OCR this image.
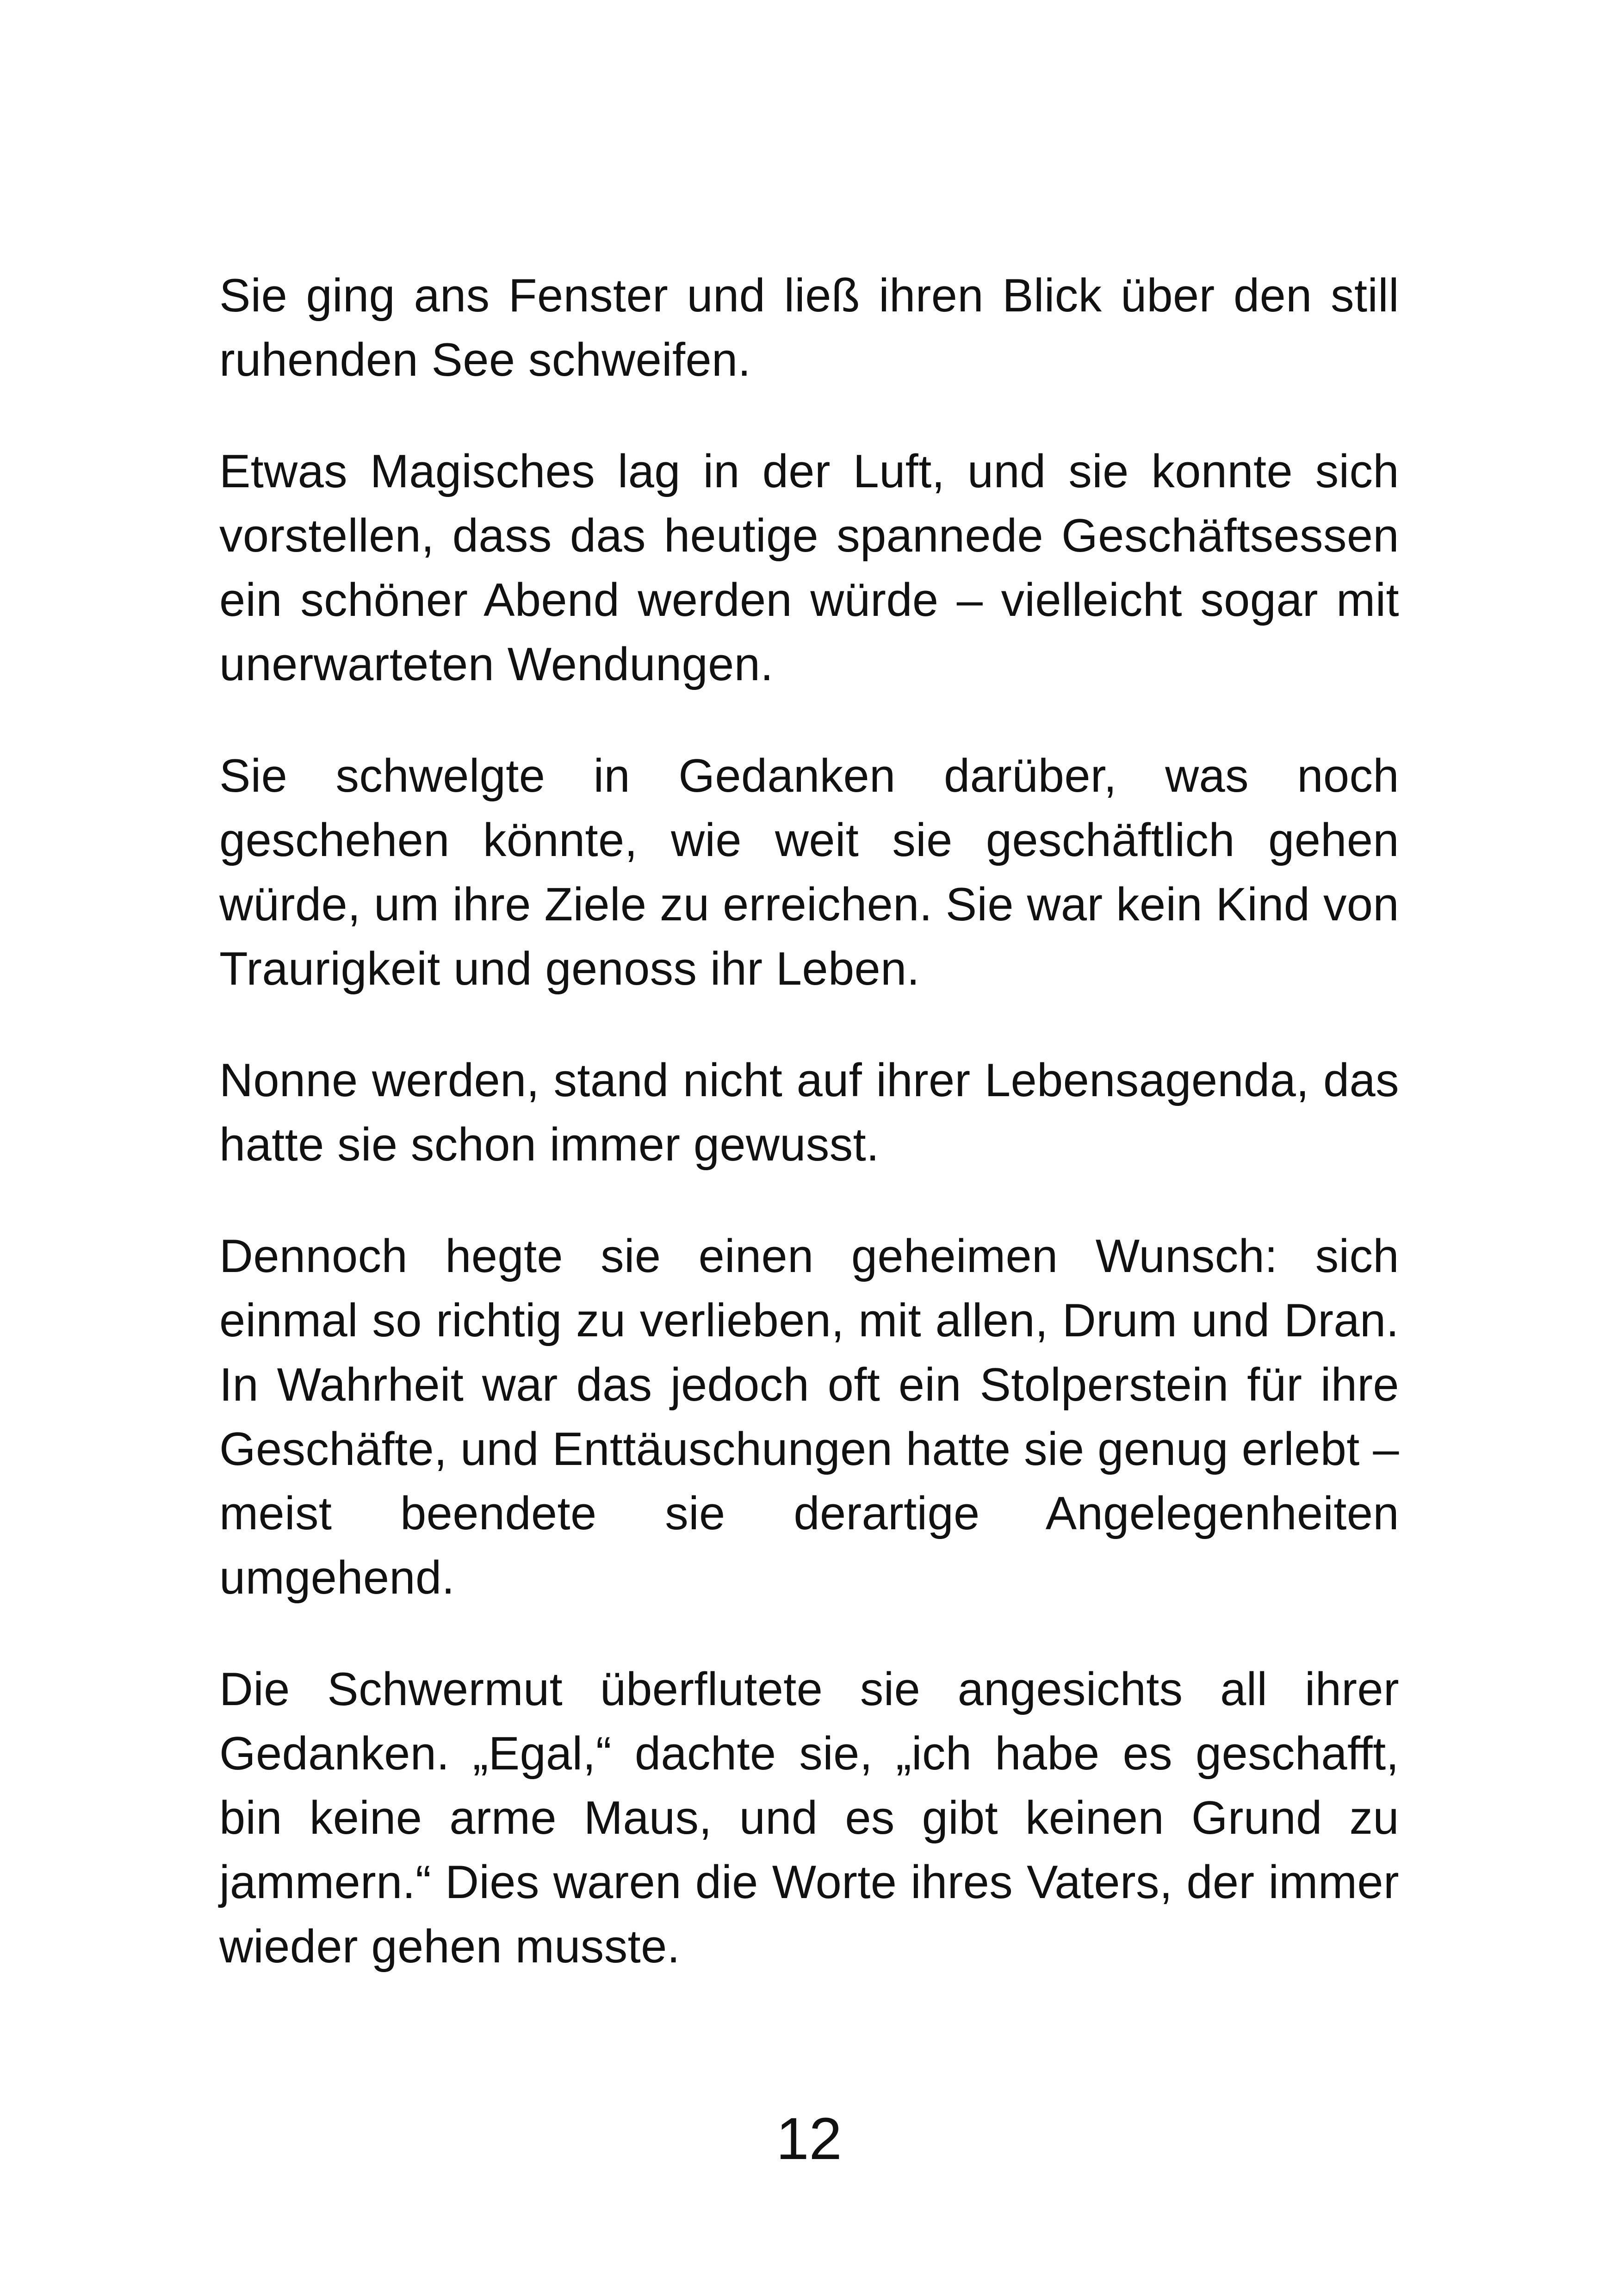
Sie ging ans Fenster und ließ ihren Blick über den still ruhenden See schweifen.

Etwas Magisches lag in der Luft, und sie konnte sich vorstellen, dass das heutige spannede Geschäftsessen ein schöner Abend werden würde – vielleicht sogar mit unerwarteten Wendungen.

Sie schwelgte in Gedanken darüber, was noch geschehen könnte, wie weit sie geschäftlich gehen würde, um ihre Ziele zu erreichen. Sie war kein Kind von Traurigkeit und genoss ihr Leben.

Nonne werden, stand nicht auf ihrer Lebensagenda, das hatte sie schon immer gewusst.

Dennoch hegte sie einen geheimen Wunsch: sich einmal so richtig zu verlieben, mit allen, Drum und Dran. In Wahrheit war das jedoch oft ein Stolperstein für ihre Geschäfte, und Enttäuschungen hatte sie genug erlebt – meist beendete sie derartige Angelegenheiten umgehend.

Die Schwermut überflutete sie angesichts all ihrer Gedanken. „Egal,“ dachte sie, „ich habe es geschafft, bin keine arme Maus, und es gibt keinen Grund zu jammern.“ Dies waren die Worte ihres Vaters, der immer wieder gehen musste.

12
